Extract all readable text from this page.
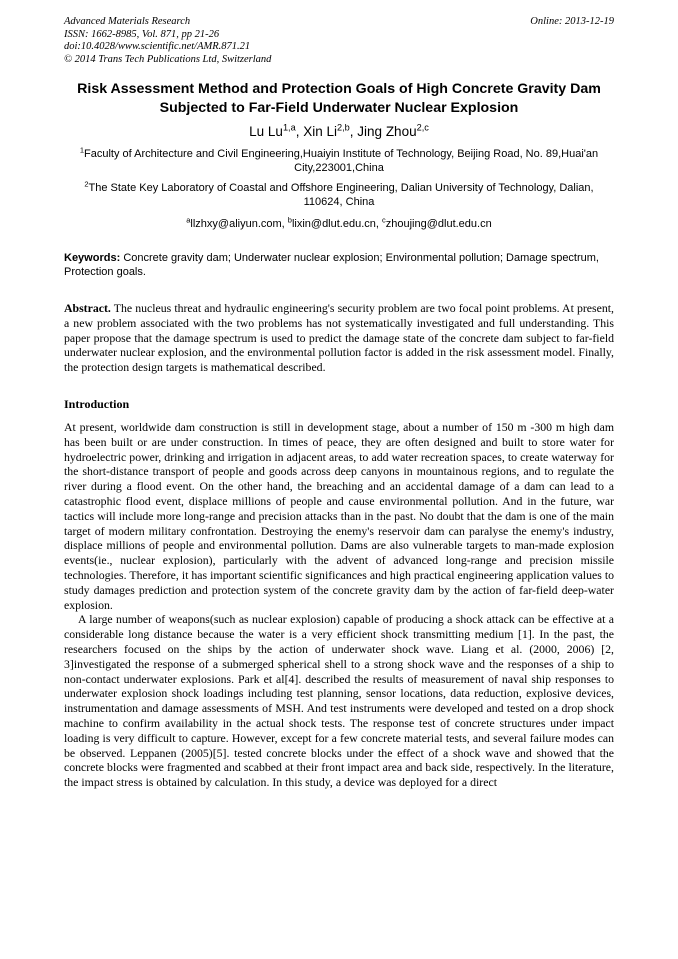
Advanced Materials Research
ISSN: 1662-8985, Vol. 871, pp 21-26
doi:10.4028/www.scientific.net/AMR.871.21
© 2014 Trans Tech Publications Ltd, Switzerland
Online: 2013-12-19
Risk Assessment Method and Protection Goals of High Concrete Gravity Dam Subjected to Far-Field Underwater Nuclear Explosion
Lu Lu$^{1,a}$, Xin Li$^{2,b}$, Jing Zhou$^{2,c}$
$^1$Faculty of Architecture and Civil Engineering,Huaiyin Institute of Technology, Beijing Road, No. 89,Huai'an City,223001,China
$^2$The State Key Laboratory of Coastal and Offshore Engineering, Dalian University of Technology, Dalian, 110624, China
$^a$llzhxy@aliyun.com, $^b$lixin@dlut.edu.cn, $^c$zhoujing@dlut.edu.cn
Keywords: Concrete gravity dam; Underwater nuclear explosion; Environmental pollution; Damage spectrum, Protection goals.

Abstract. The nucleus threat and hydraulic engineering's security problem are two focal point problems. At present, a new problem associated with the two problems has not systematically investigated and full understanding. This paper propose that the damage spectrum is used to predict the damage state of the concrete dam subject to far-field underwater nuclear explosion, and the environmental pollution factor is added in the risk assessment model. Finally, the protection design targets is mathematical described.

Introduction

At present, worldwide dam construction is still in development stage, about a number of 150 m -300 m high dam has been built or are under construction. In times of peace, they are often designed and built to store water for hydroelectric power, drinking and irrigation in adjacent areas, to add water recreation spaces, to create waterway for the short-distance transport of people and goods across deep canyons in mountainous regions, and to regulate the river during a flood event. On the other hand, the breaching and an accidental damage of a dam can lead to a catastrophic flood event, displace millions of people and cause environmental pollution. And in the future, war tactics will include more long-range and precision attacks than in the past. No doubt that the dam is one of the main target of modern military confrontation. Destroying the enemy's reservoir dam can paralyse the enemy's industry, displace millions of people and environmental pollution. Dams are also vulnerable targets to man-made explosion events(ie., nuclear explosion), particularly with the advent of advanced long-range and precision missile technologies. Therefore, it has important scientific significances and high practical engineering application values to study damages prediction and protection system of the concrete gravity dam by the action of far-field deep-water explosion.

A large number of weapons(such as nuclear explosion) capable of producing a shock attack can be effective at a considerable long distance because the water is a very efficient shock transmitting medium [1]. In the past, the researchers focused on the ships by the action of underwater shock wave. Liang et al. (2000, 2006) [2, 3]investigated the response of a submerged spherical shell to a strong shock wave and the responses of a ship to non-contact underwater explosions. Park et al[4]. described the results of measurement of naval ship responses to underwater explosion shock loadings including test planning, sensor locations, data reduction, explosive devices, instrumentation and damage assessments of MSH. And test instruments were developed and tested on a drop shock machine to confirm availability in the actual shock tests. The response test of concrete structures under impact loading is very difficult to capture. However, except for a few concrete material tests, and several failure modes can be observed. Leppanen (2005)[5]. tested concrete blocks under the effect of a shock wave and showed that the concrete blocks were fragmented and scabbed at their front impact area and back side, respectively. In the literature, the impact stress is obtained by calculation. In this study, a device was deployed for a direct
